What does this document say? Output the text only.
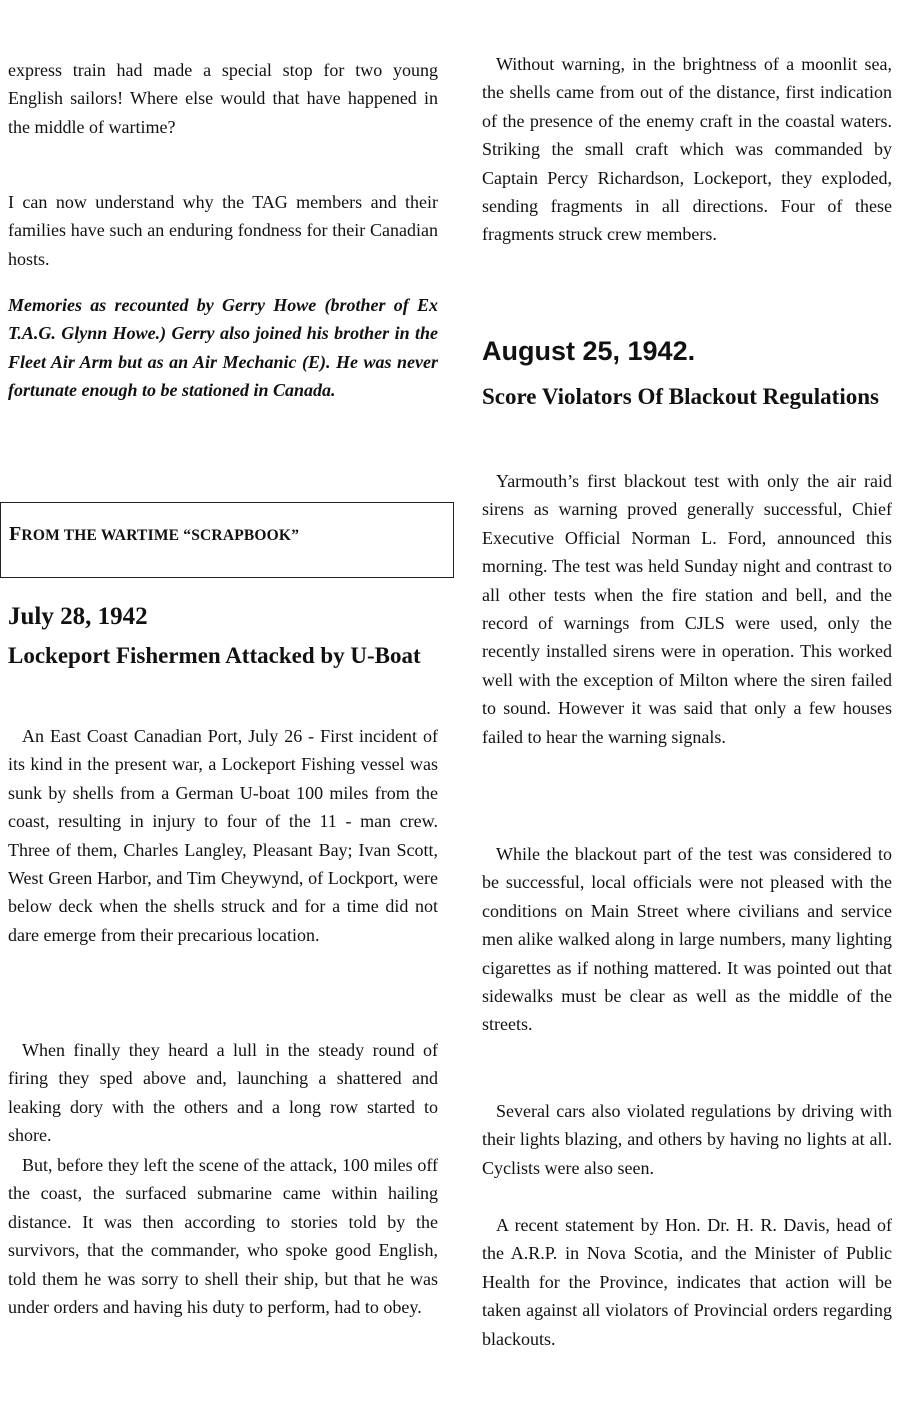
express train had made a special stop for two young English sailors! Where else would that have happened in the middle of wartime?

I can now understand why the TAG members and their families have such an enduring fondness for their Canadian hosts.

Memories as recounted by Gerry Howe (brother of Ex T.A.G. Glynn Howe.) Gerry also joined his brother in the Fleet Air Arm but as an Air Mechanic (E). He was never fortunate enough to be stationed in Canada.

FROM THE WARTIME “SCRAPBOOK”
July 28, 1942
Lockeport Fishermen Attacked by U-Boat

An East Coast Canadian Port, July 26 - First incident of its kind in the present war, a Lockeport Fishing vessel was sunk by shells from a German U-boat 100 miles from the coast, resulting in injury to four of the 11 - man crew. Three of them, Charles Langley, Pleasant Bay; Ivan Scott, West Green Harbor, and Tim Cheywynd, of Lockport, were below deck when the shells struck and for a time did not dare emerge from their precarious location.

When finally they heard a lull in the steady round of firing they sped above and, launching a shattered and leaking dory with the others and a long row started to shore.

But, before they left the scene of the attack, 100 miles off the coast, the surfaced submarine came within hailing distance. It was then according to stories told by the survivors, that the commander, who spoke good English, told them he was sorry to shell their ship, but that he was under orders and having his duty to perform, had to obey.

Without warning, in the brightness of a moonlit sea, the shells came from out of the distance, first indication of the presence of the enemy craft in the coastal waters. Striking the small craft which was commanded by Captain Percy Richardson, Lockeport, they exploded, sending fragments in all directions. Four of these fragments struck crew members.

August 25, 1942.
Score Violators Of Blackout Regulations

Yarmouth’s first blackout test with only the air raid sirens as warning proved generally successful, Chief Executive Official Norman L. Ford, announced this morning. The test was held Sunday night and contrast to all other tests when the fire station and bell, and the record of warnings from CJLS were used, only the recently installed sirens were in operation. This worked well with the exception of Milton where the siren failed to sound. However it was said that only a few houses failed to hear the warning signals.

While the blackout part of the test was considered to be successful, local officials were not pleased with the conditions on Main Street where civilians and service men alike walked along in large numbers, many lighting cigarettes as if nothing mattered. It was pointed out that sidewalks must be clear as well as the middle of the streets.

Several cars also violated regulations by driving with their lights blazing, and others by having no lights at all. Cyclists were also seen.

A recent statement by Hon. Dr. H. R. Davis, head of the A.R.P. in Nova Scotia, and the Minister of Public Health for the Province, indicates that action will be taken against all violators of Provincial orders regarding blackouts.
